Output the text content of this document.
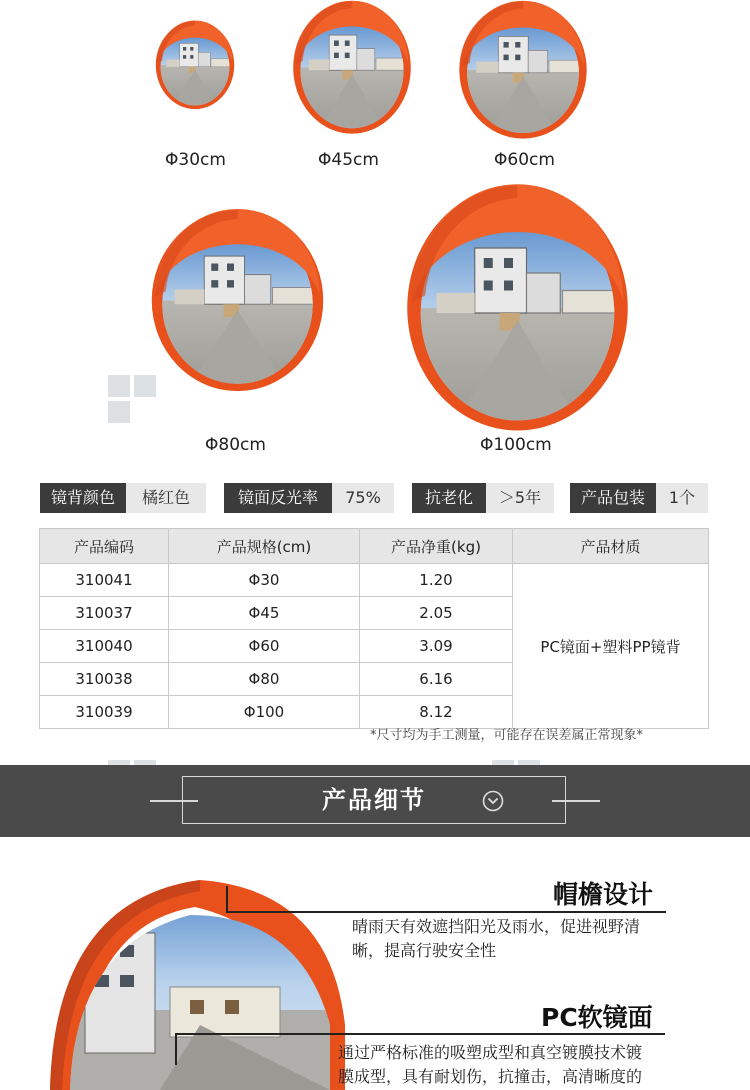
Φ30cm	Φ45cm	Φ60cm
Φ80cm	Φ100cm
镜背颜色	橘红色	镜面反光率	75%	抗老化	＞5年	产品包装	1个
产品编码	产品规格(cm)	产品净重(kg)	产品材质
310041	Φ30	1.20	PC镜面+塑料PP镜背
310037	Φ45	2.05	
310040	Φ60	3.09	
310038	Φ80	6.16	
310039	Φ100	8.12	
*尺寸均为手工测量，可能存在误差属正常现象*
产品细节
帽檐设计
晴雨天有效遮挡阳光及雨水，促进视野清
晰，提高行驶安全性
PC软镜面
通过严格标准的吸塑成型和真空镀膜技术镀
膜成型，具有耐划伤，抗撞击，高清晰度的
